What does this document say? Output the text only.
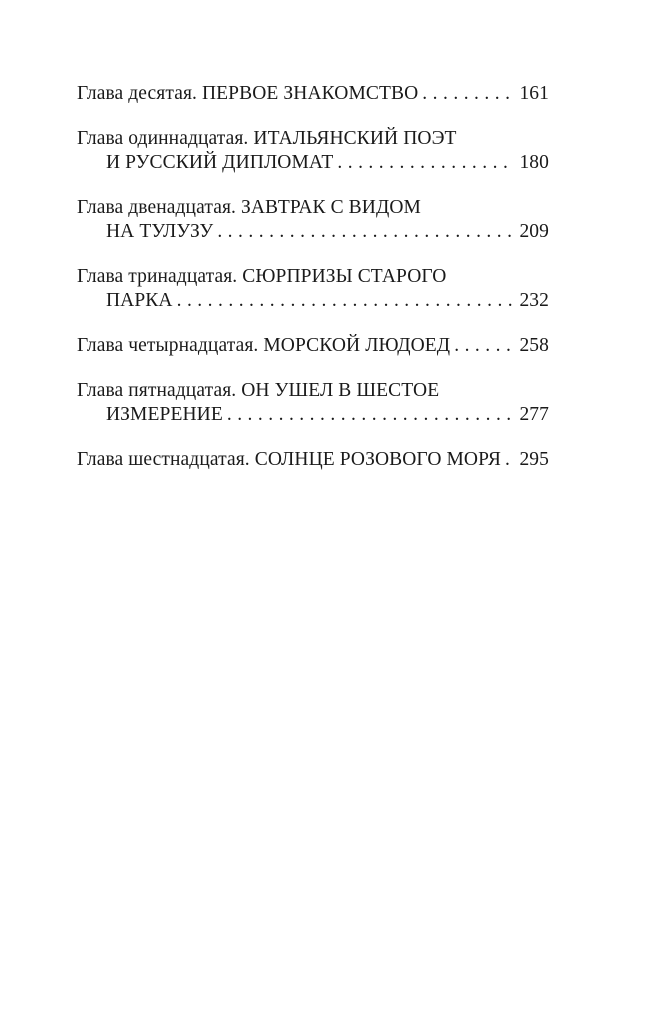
Глава десятая. ПЕРВОЕ ЗНАКОМСТВО . . .	161
Глава одиннадцатая. ИТАЛЬЯНСКИЙ ПОЭТ
И РУССКИЙ ДИПЛОМАТ . . .	180
Глава двенадцатая. ЗАВТРАК С ВИДОМ
НА ТУЛУЗУ . . .	209
Глава тринадцатая. СЮРПРИЗЫ СТАРОГО
ПАРКА . . .	232
Глава четырнадцатая. МОРСКОЙ ЛЮДОЕД . . .	258
Глава пятнадцатая. ОН УШЕЛ В ШЕСТОЕ
ИЗМЕРЕНИЕ . . .	277
Глава шестнадцатая. СОЛНЦЕ РОЗОВОГО МОРЯ . . . 295
